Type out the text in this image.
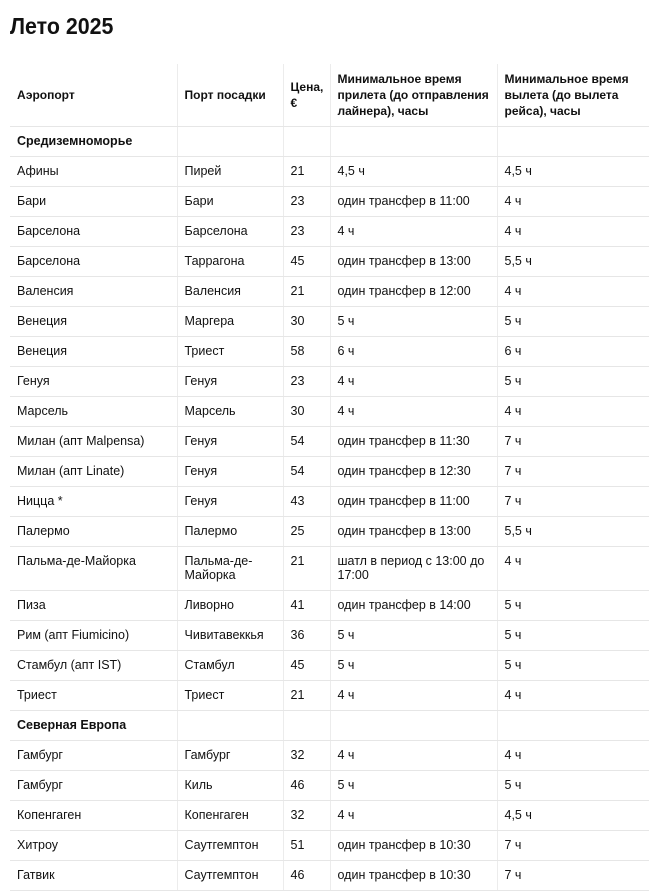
Лето 2025
Аэропорт	Порт посадки	Цена, €	Минимальное время прилета (до отправления лайнера), часы	Минимальное время вылета (до вылета рейса), часы
Средиземноморье				
Афины	Пирей	21	4,5 ч	4,5 ч
Бари	Бари	23	один трансфер в 11:00	4 ч
Барселона	Барселона	23	4 ч	4 ч
Барселона	Таррагона	45	один трансфер в 13:00	5,5 ч
Валенсия	Валенсия	21	один трансфер в 12:00	4 ч
Венеция	Маргера	30	5 ч	5 ч
Венеция	Триест	58	6 ч	6 ч
Генуя	Генуя	23	4 ч	5 ч
Марсель	Марсель	30	4 ч	4 ч
Милан (апт Malpensa)	Генуя	54	один трансфер в 11:30	7 ч
Милан (апт Linate)	Генуя	54	один трансфер в 12:30	7 ч
Ницца *	Генуя	43	один трансфер в 11:00	7 ч
Палермо	Палермо	25	один трансфер в 13:00	5,5 ч
Пальма-де-Майорка	Пальма-де-Майорка	21	шатл в период с 13:00 до 17:00	4 ч
Пиза	Ливорно	41	один трансфер в 14:00	5 ч
Рим (апт Fiumicino)	Чивитавеккья	36	5 ч	5 ч
Стамбул (апт IST)	Стамбул	45	5 ч	5 ч
Триест	Триест	21	4 ч	4 ч
Северная Европа				
Гамбург	Гамбург	32	4 ч	4 ч
Гамбург	Киль	46	5 ч	5 ч
Копенгаген	Копенгаген	32	4 ч	4,5 ч
Хитроу	Саутгемптон	51	один трансфер в 10:30	7 ч
Гатвик	Саутгемптон	46	один трансфер в 10:30	7 ч
